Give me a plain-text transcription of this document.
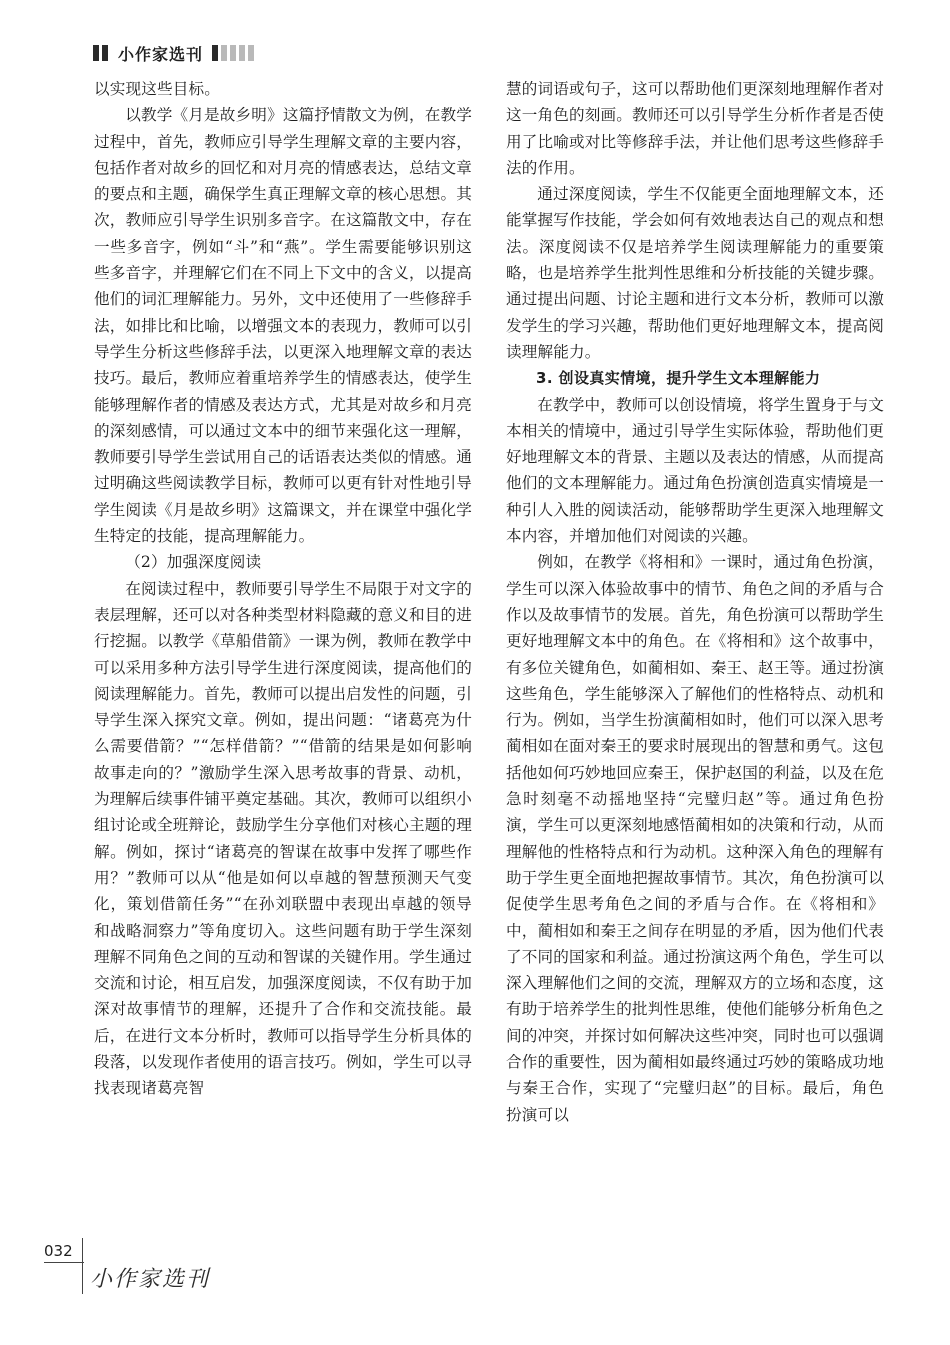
小作家选刊

以实现这些目标。

以教学《月是故乡明》这篇抒情散文为例，在教学过程中，首先，教师应引导学生理解文章的主要内容，包括作者对故乡的回忆和对月亮的情感表达，总结文章的要点和主题，确保学生真正理解文章的核心思想。其次，教师应引导学生识别多音字。在这篇散文中，存在一些多音字，例如“斗”和“燕”。学生需要能够识别这些多音字，并理解它们在不同上下文中的含义，以提高他们的词汇理解能力。另外，文中还使用了一些修辞手法，如排比和比喻，以增强文本的表现力，教师可以引导学生分析这些修辞手法，以更深入地理解文章的表达技巧。最后，教师应着重培养学生的情感表达，使学生能够理解作者的情感及表达方式，尤其是对故乡和月亮的深刻感情，可以通过文本中的细节来强化这一理解，教师要引导学生尝试用自己的话语表达类似的情感。通过明确这些阅读教学目标，教师可以更有针对性地引导学生阅读《月是故乡明》这篇课文，并在课堂中强化学生特定的技能，提高理解能力。

（2）加强深度阅读

在阅读过程中，教师要引导学生不局限于对文字的表层理解，还可以对各种类型材料隐藏的意义和目的进行挖掘。以教学《草船借箭》一课为例，教师在教学中可以采用多种方法引导学生进行深度阅读，提高他们的阅读理解能力。首先，教师可以提出启发性的问题，引导学生深入探究文章。例如，提出问题：“诸葛亮为什么需要借箭？”“怎样借箭？”“借箭的结果是如何影响故事走向的？”激励学生深入思考故事的背景、动机，为理解后续事件铺平奠定基础。其次，教师可以组织小组讨论或全班辩论，鼓励学生分享他们对核心主题的理解。例如，探讨“诸葛亮的智谋在故事中发挥了哪些作用？”教师可以从“他是如何以卓越的智慧预测天气变化，策划借箭任务”“在孙刘联盟中表现出卓越的领导和战略洞察力”等角度切入。这些问题有助于学生深刻理解不同角色之间的互动和智谋的关键作用。学生通过交流和讨论，相互启发，加强深度阅读，不仅有助于加深对故事情节的理解，还提升了合作和交流技能。最后，在进行文本分析时，教师可以指导学生分析具体的段落，以发现作者使用的语言技巧。例如，学生可以寻找表现诸葛亮智

慧的词语或句子，这可以帮助他们更深刻地理解作者对这一角色的刻画。教师还可以引导学生分析作者是否使用了比喻或对比等修辞手法，并让他们思考这些修辞手法的作用。

通过深度阅读，学生不仅能更全面地理解文本，还能掌握写作技能，学会如何有效地表达自己的观点和想法。深度阅读不仅是培养学生阅读理解能力的重要策略，也是培养学生批判性思维和分析技能的关键步骤。通过提出问题、讨论主题和进行文本分析，教师可以激发学生的学习兴趣，帮助他们更好地理解文本，提高阅读理解能力。

3. 创设真实情境，提升学生文本理解能力

在教学中，教师可以创设情境，将学生置身于与文本相关的情境中，通过引导学生实际体验，帮助他们更好地理解文本的背景、主题以及表达的情感，从而提高他们的文本理解能力。通过角色扮演创造真实情境是一种引人入胜的阅读活动，能够帮助学生更深入地理解文本内容，并增加他们对阅读的兴趣。

例如，在教学《将相和》一课时，通过角色扮演，学生可以深入体验故事中的情节、角色之间的矛盾与合作以及故事情节的发展。首先，角色扮演可以帮助学生更好地理解文本中的角色。在《将相和》这个故事中，有多位关键角色，如蔺相如、秦王、赵王等。通过扮演这些角色，学生能够深入了解他们的性格特点、动机和行为。例如，当学生扮演蔺相如时，他们可以深入思考蔺相如在面对秦王的要求时展现出的智慧和勇气。这包括他如何巧妙地回应秦王，保护赵国的利益，以及在危急时刻毫不动摇地坚持“完璧归赵”等。通过角色扮演，学生可以更深刻地感悟蔺相如的决策和行动，从而理解他的性格特点和行为动机。这种深入角色的理解有助于学生更全面地把握故事情节。其次，角色扮演可以促使学生思考角色之间的矛盾与合作。在《将相和》中，蔺相如和秦王之间存在明显的矛盾，因为他们代表了不同的国家和利益。通过扮演这两个角色，学生可以深入理解他们之间的交流，理解双方的立场和态度，这有助于培养学生的批判性思维，使他们能够分析角色之间的冲突，并探讨如何解决这些冲突，同时也可以强调合作的重要性，因为蔺相如最终通过巧妙的策略成功地与秦王合作，实现了“完璧归赵”的目标。最后，角色扮演可以

032
小作家选刊
